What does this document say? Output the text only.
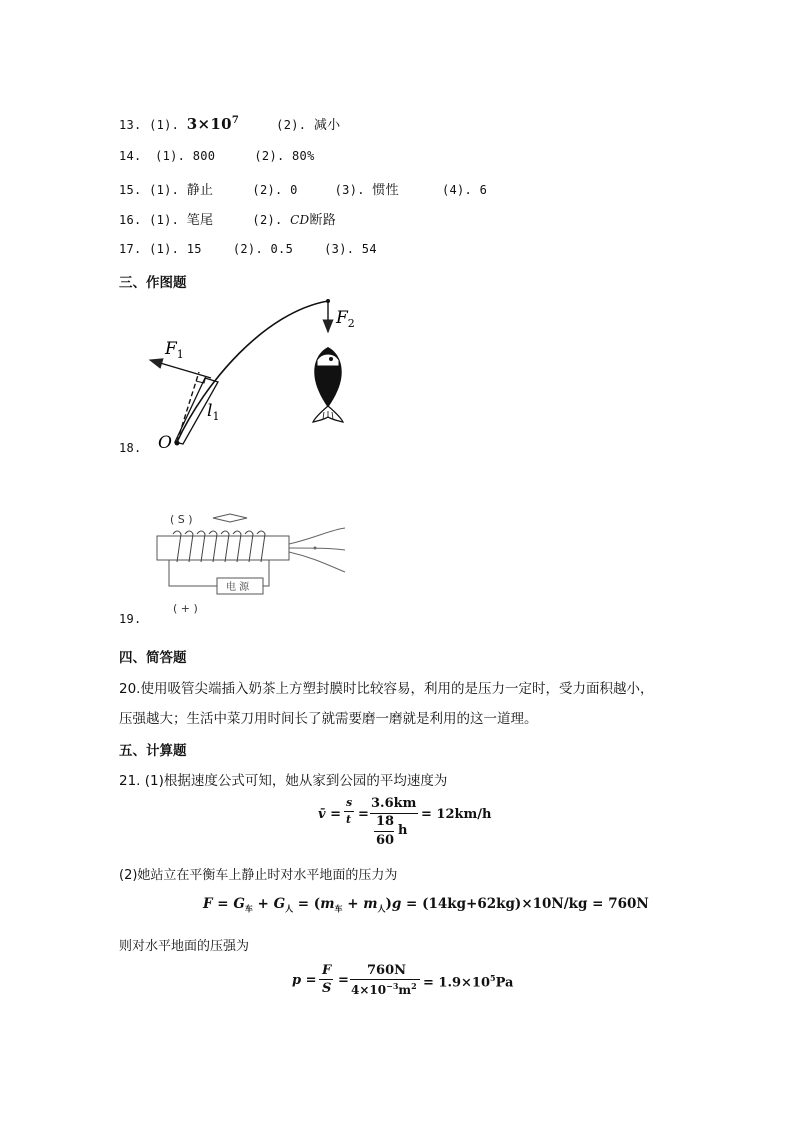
13. (1). $3\times 10^7$	(2). 减小
14. (1). 800	(2). 80%
15. (1). 静止	(2). 0	(3). 惯性	(4). 6
16. (1). 笔尾	(2). CD断路
17. (1). 15	(2). 0.5	(3). 54
三、作图题
$F_1$
$F_2$
$l_1$
O
18.
( S )
电 源
( + )
19.
四、简答题
20.使用吸管尖端插入奶茶上方塑封膜时比较容易，利用的是压力一定时，受力面积越小，
压强越大；生活中菜刀用时间长了就需要磨一磨就是利用的这一道理。
五、计算题
21. (1)根据速度公式可知，她从家到公园的平均速度为
v̄ =
s
t =
3.6km
18
60
h
= 12km/h
(2)她站立在平衡车上静止时对水平地面的压力为
$F = G_车 + G_人 = (m_车 + m_人)g = (14kg+62kg)\times 10N/kg = 760N$
则对水平地面的压强为
p =
F
S
=
760N
$4\times 10^{-3}m^2 = 1.9\times 10^5Pa$
